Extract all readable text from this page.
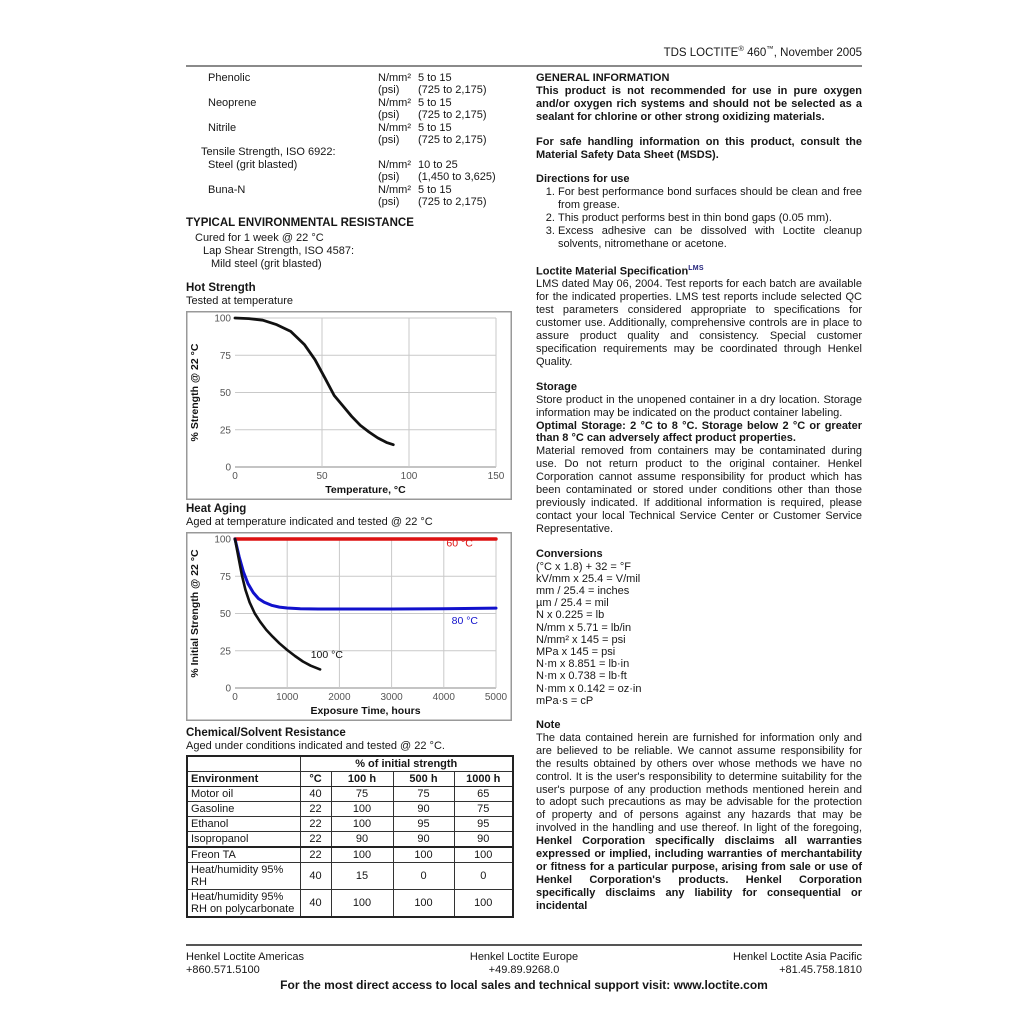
TDS LOCTITE® 460™, November 2005
Phenolic	N/mm² 5 to 15
(psi)	(725 to 2,175)
Neoprene	N/mm² 5 to 15
(psi)	(725 to 2,175)
Nitrile	N/mm² 5 to 15
(psi)	(725 to 2,175)
Tensile Strength, ISO 6922:
Steel (grit blasted)	N/mm² 10 to 25
(psi)	(1,450 to 3,625)
Buna-N	N/mm² 5 to 15
(psi)	(725 to 2,175)
TYPICAL ENVIRONMENTAL RESISTANCE
Cured for 1 week @ 22 °C
Lap Shear Strength, ISO 4587:
Mild steel (grit blasted)
Hot Strength
Tested at temperature
0
25
50
75
100
0	50	100	150
% Strength @ 22 °C
Temperature, °C
Heat Aging
Aged at temperature indicated and tested @ 22 °C
0
25
50
75
100
0	1000	2000	3000	4000	5000
60 °C
80 °C
100 °C
% Initial Strength @ 22 °C
Exposure Time, hours
Chemical/Solvent Resistance
Aged under conditions indicated and tested @ 22 °C.
	% of initial strength			
Environment	°C	100 h	500 h	1000 h
Motor oil	40	75	75	65
Gasoline	22	100	90	75
Ethanol	22	100	95	95
Isopropanol	22	90	90	90
Freon TA	22	100	100	100
Heat/humidity 95% RH	40	15	0	0
Heat/humidity 95% RH on polycarbonate	40	100	100	100
GENERAL INFORMATION

This product is not recommended for use in pure oxygen and/or oxygen rich systems and should not be selected as a sealant for chlorine or other strong oxidizing materials.

For safe handling information on this product, consult the Material Safety Data Sheet (MSDS).

Directions for use
1. For best performance bond surfaces should be clean and free from grease.
2. This product performs best in thin bond gaps (0.05 mm).
3. Excess adhesive can be dissolved with Loctite cleanup solvents, nitromethane or acetone.
Loctite Material Specification$^{LMS}$

LMS dated May 06, 2004. Test reports for each batch are available for the indicated properties. LMS test reports include selected QC test parameters considered appropriate to specifications for customer use. Additionally, comprehensive controls are in place to assure product quality and consistency. Special customer specification requirements may be coordinated through Henkel Quality.

Storage

Store product in the unopened container in a dry location. Storage information may be indicated on the product container labeling.

Optimal Storage: 2 °C to 8 °C. Storage below 2 °C or greater than 8 °C can adversely affect product properties.

Material removed from containers may be contaminated during use. Do not return product to the original container. Henkel Corporation cannot assume responsibility for product which has been contaminated or stored under conditions other than those previously indicated. If additional information is required, please contact your local Technical Service Center or Customer Service Representative.

Conversions
(°C x 1.8) + 32 = °F
kV/mm x 25.4 = V/mil
mm / 25.4 = inches
µm / 25.4 = mil
N x 0.225 = lb
N/mm x 5.71 = lb/in
N/mm² x 145 = psi
MPa x 145 = psi
N·m x 8.851 = lb·in
N·m x 0.738 = lb·ft
N·mm x 0.142 = oz·in
mPa·s = cP
Note

The data contained herein are furnished for information only and are believed to be reliable. We cannot assume responsibility for the results obtained by others over whose methods we have no control. It is the user's responsibility to determine suitability for the user's purpose of any production methods mentioned herein and to adopt such precautions as may be advisable for the protection of property and of persons against any hazards that may be involved in the handling and use thereof. In light of the foregoing, Henkel Corporation specifically disclaims all warranties expressed or implied, including warranties of merchantability or fitness for a particular purpose, arising from sale or use of Henkel Corporation's products. Henkel Corporation specifically disclaims any liability for consequential or incidental

Henkel Loctite Americas
+860.571.5100
Henkel Loctite Europe
+49.89.9268.0
Henkel Loctite Asia Pacific
+81.45.758.1810
For the most direct access to local sales and technical support visit: www.loctite.com
